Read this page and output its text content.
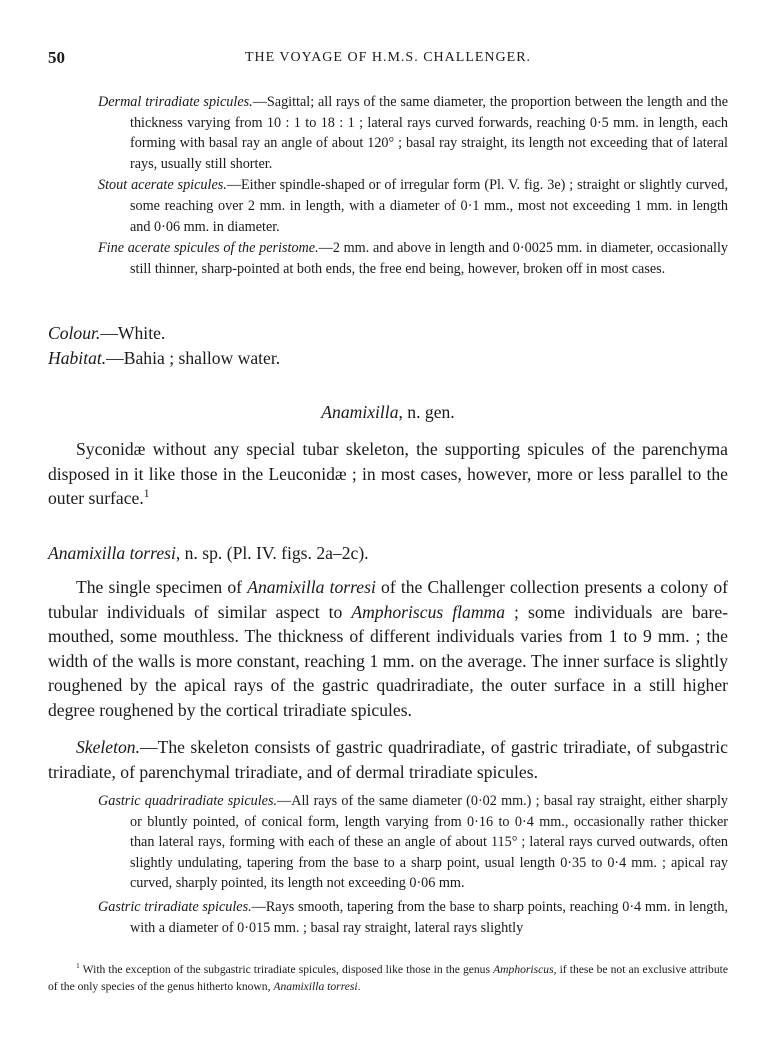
50	THE VOYAGE OF H.M.S. CHALLENGER.

Dermal triradiate spicules.—Sagittal; all rays of the same diameter, the proportion between the length and the thickness varying from 10 : 1 to 18 : 1 ; lateral rays curved forwards, reaching 0·5 mm. in length, each forming with basal ray an angle of about 120° ; basal ray straight, its length not exceeding that of lateral rays, usually still shorter.

Stout acerate spicules.—Either spindle-shaped or of irregular form (Pl. V. fig. 3e) ; straight or slightly curved, some reaching over 2 mm. in length, with a diameter of 0·1 mm., most not exceeding 1 mm. in length and 0·06 mm. in diameter.

Fine acerate spicules of the peristome.—2 mm. and above in length and 0·0025 mm. in diameter, occasionally still thinner, sharp-pointed at both ends, the free end being, however, broken off in most cases.

Colour.—White.
Habitat.—Bahia ; shallow water.
Anamixilla, n. gen.

Syconidæ without any special tubar skeleton, the supporting spicules of the parenchyma disposed in it like those in the Leuconidæ ; in most cases, however, more or less parallel to the outer surface.$^1$

Anamixilla torresi, n. sp. (Pl. IV. figs. 2a–2c).

The single specimen of Anamixilla torresi of the Challenger collection presents a colony of tubular individuals of similar aspect to Amphoriscus flamma ; some individuals are bare-mouthed, some mouthless. The thickness of different individuals varies from 1 to 9 mm. ; the width of the walls is more constant, reaching 1 mm. on the average. The inner surface is slightly roughened by the apical rays of the gastric quadriradiate, the outer surface in a still higher degree roughened by the cortical triradiate spicules.

Skeleton.—The skeleton consists of gastric quadriradiate, of gastric triradiate, of subgastric triradiate, of parenchymal triradiate, and of dermal triradiate spicules.

Gastric quadriradiate spicules.—All rays of the same diameter (0·02 mm.) ; basal ray straight, either sharply or bluntly pointed, of conical form, length varying from 0·16 to 0·4 mm., occasionally rather thicker than lateral rays, forming with each of these an angle of about 115° ; lateral rays curved outwards, often slightly undulating, tapering from the base to a sharp point, usual length 0·35 to 0·4 mm. ; apical ray curved, sharply pointed, its length not exceeding 0·06 mm.

Gastric triradiate spicules.—Rays smooth, tapering from the base to sharp points, reaching 0·4 mm. in length, with a diameter of 0·015 mm. ; basal ray straight, lateral rays slightly

$^1$ With the exception of the subgastric triradiate spicules, disposed like those in the genus Amphoriscus, if these be not an exclusive attribute of the only species of the genus hitherto known, Anamixilla torresi.
